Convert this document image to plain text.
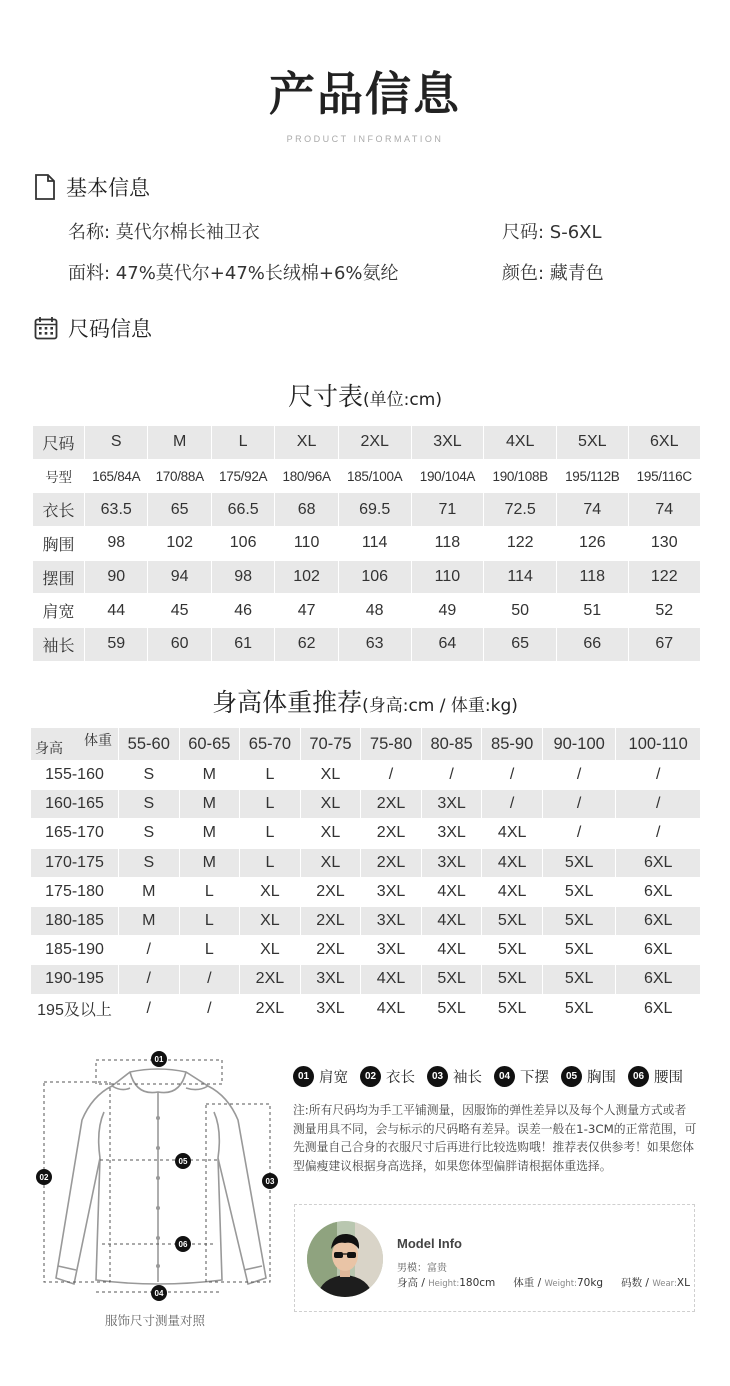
产品信息
PRODUCT INFORMATION
基本信息
名称: 莫代尔棉长袖卫衣	尺码: S-6XL
面料: 47%莫代尔+47%长绒棉+6%氨纶	颜色: 藏青色
尺码信息
尺寸表(单位:cm)
尺码	S	M	L	XL	2XL	3XL	4XL	5XL	6XL
号型	165/84A	170/88A	175/92A	180/96A	185/100A	190/104A	190/108B	195/112B	195/116C
衣长	63.5	65	66.5	68	69.5	71	72.5	74	74
胸围	98	102	106	110	114	118	122	126	130
摆围	90	94	98	102	106	110	114	118	122
肩宽	44	45	46	47	48	49	50	51	52
袖长	59	60	61	62	63	64	65	66	67
身高体重推荐(身高:cm / 体重:kg)
体重
身高	55-60	60-65	65-70	70-75	75-80	80-85	85-90	90-100	100-110
155-160	S	M	L	XL	/	/	/	/	/
160-165	S	M	L	XL	2XL	3XL	/	/	/
165-170	S	M	L	XL	2XL	3XL	4XL	/	/
170-175	S	M	L	XL	2XL	3XL	4XL	5XL	6XL
175-180	M	L	XL	2XL	3XL	4XL	4XL	5XL	6XL
180-185	M	L	XL	2XL	3XL	4XL	5XL	5XL	6XL
185-190	/	L	XL	2XL	3XL	4XL	5XL	5XL	6XL
190-195	/	/	2XL	3XL	4XL	5XL	5XL	5XL	6XL
195及以上	/	/	2XL	3XL	4XL	5XL	5XL	5XL	6XL
01
02	03
04
05
06
服饰尺寸测量对照
01 肩宽	02 衣长	03 袖长	04 下摆	05 胸围	06 腰围
注:所有尺码均为手工平铺测量，因服饰的弹性差异以及每个人测量方式或者测量用具不同，会与标示的尺码略有差异。误差一般在1-3CM的正常范围，可先测量自己合身的衣服尺寸后再进行比较选购哦！推荐表仅供参考！如果您体型偏瘦建议根据身高选择，如果您体型偏胖请根据体重选择。
Model Info
男模：富贵
身高 / Height:180cm 体重 / Weight:70kg 码数 / Wear:XL
